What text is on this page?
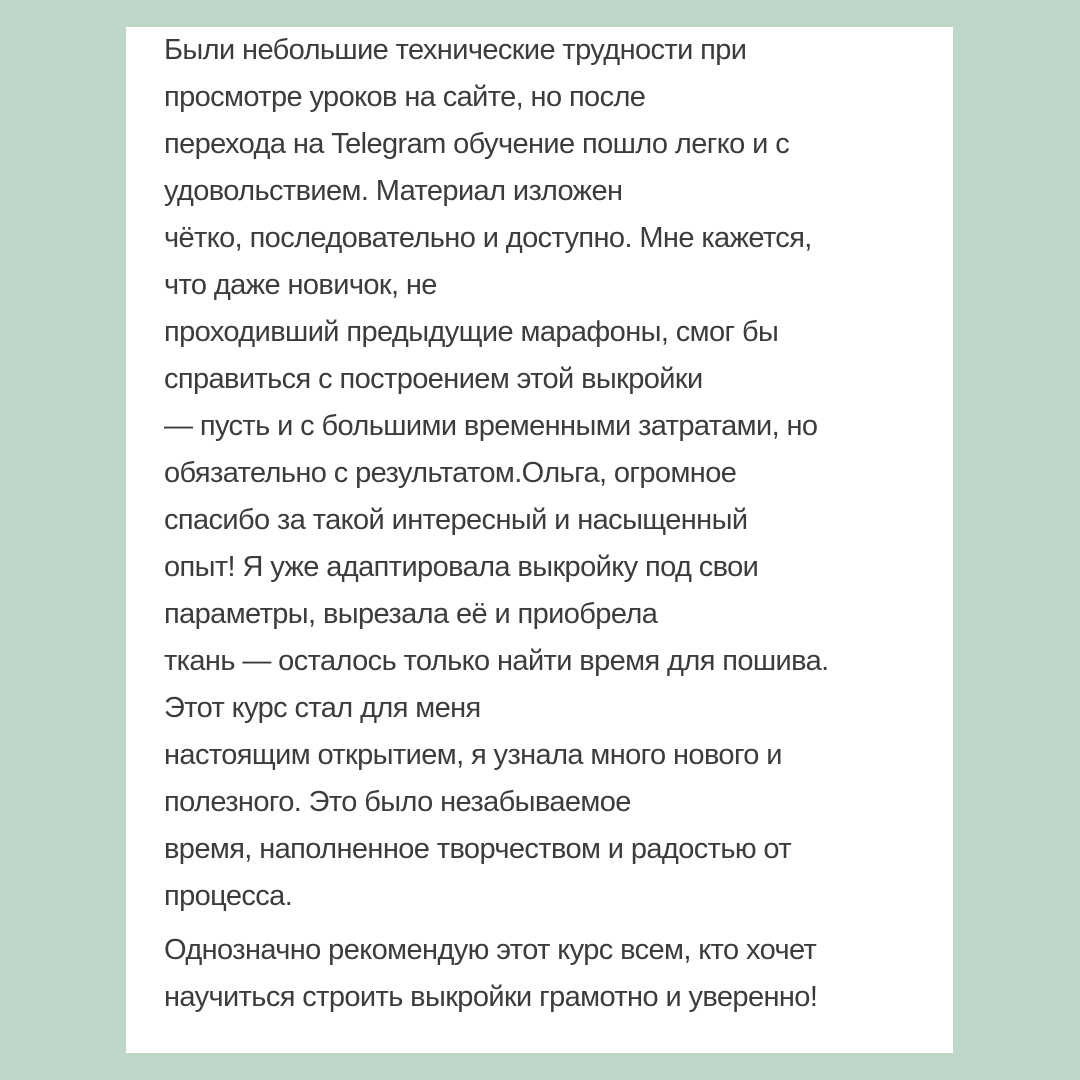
Были небольшие технические трудности при
просмотре уроков на сайте, но после
перехода на Telegram обучение пошло легко и с
удовольствием. Материал изложен
чётко, последовательно и доступно. Мне кажется,
что даже новичок, не
проходивший предыдущие марафоны, смог бы
справиться с построением этой выкройки
— пусть и с большими временными затратами, но
обязательно с результатом.Ольга, огромное
спасибо за такой интересный и насыщенный
опыт! Я уже адаптировала выкройку под свои
параметры, вырезала её и приобрела
ткань — осталось только найти время для пошива.
Этот курс стал для меня
настоящим открытием, я узнала много нового и
полезного. Это было незабываемое
время, наполненное творчеством и радостью от
процесса.
Однозначно рекомендую этот курс всем, кто хочет
научиться строить выкройки грамотно и уверенно!
